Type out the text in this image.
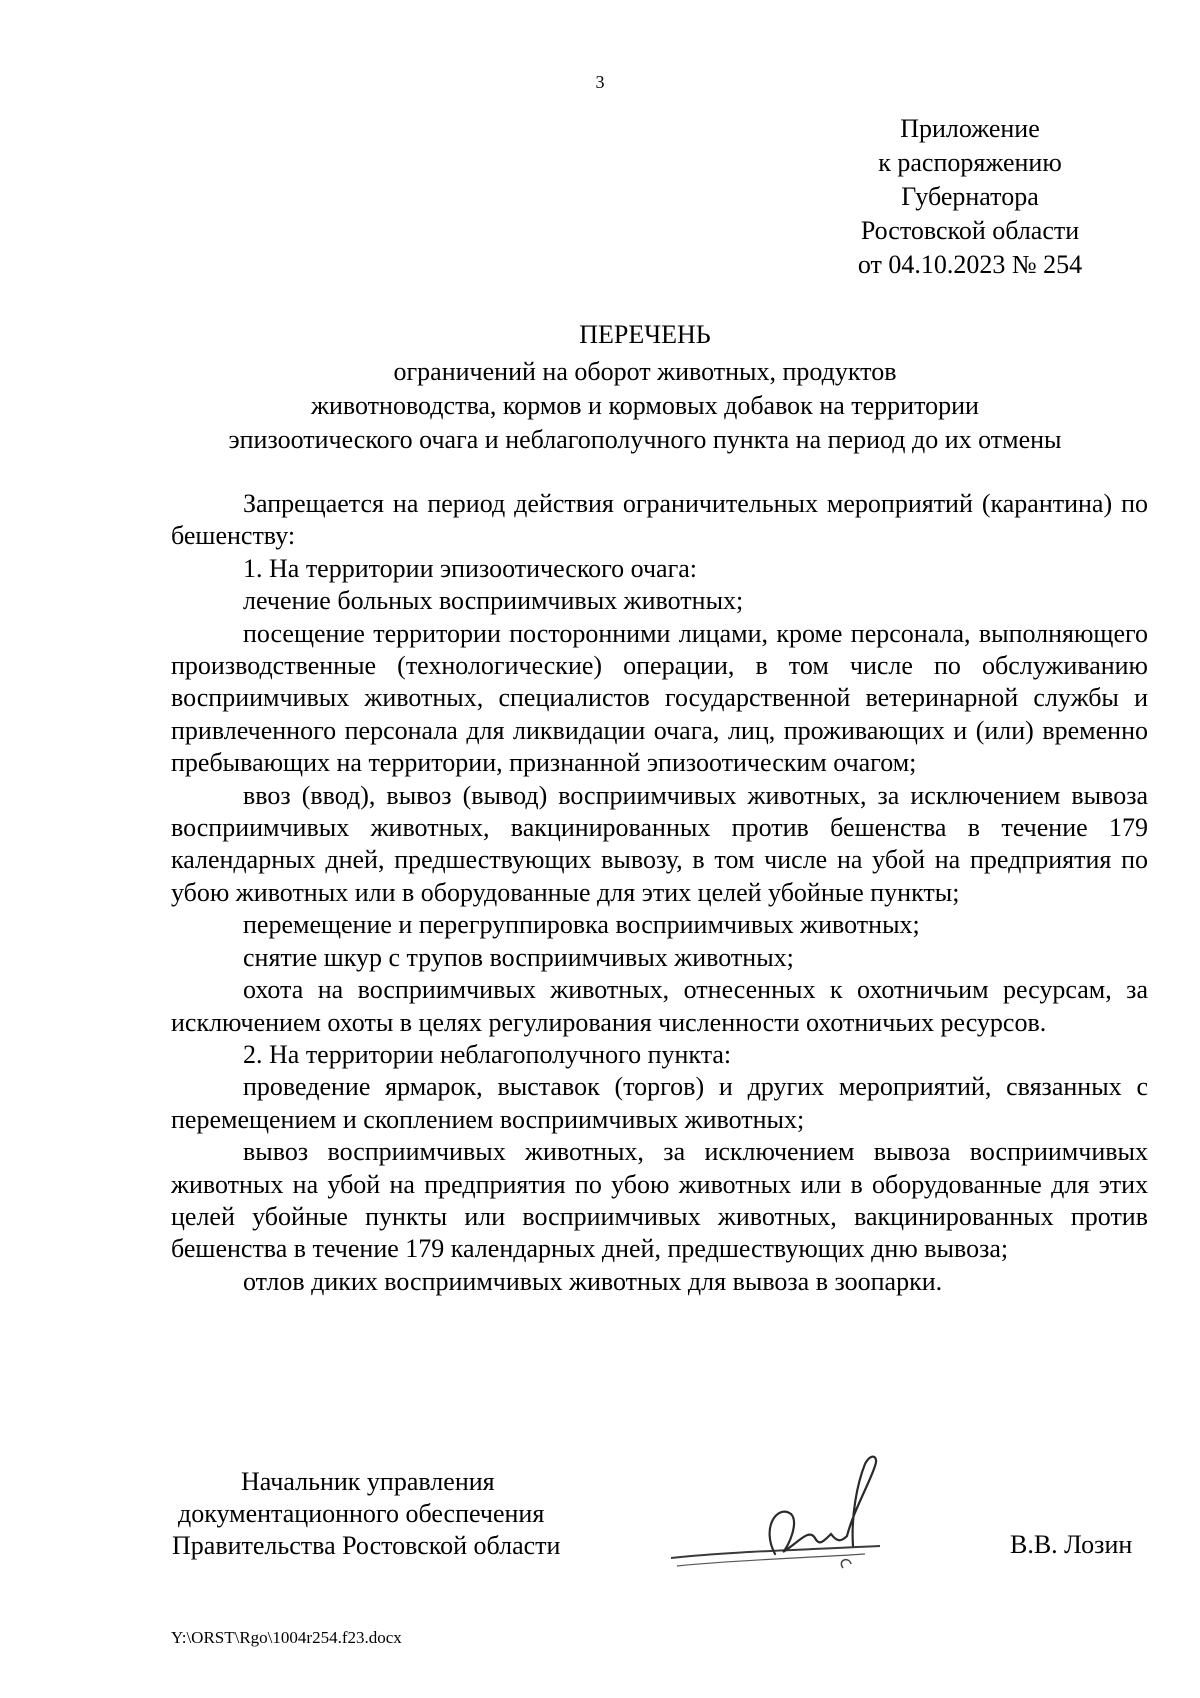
3
Приложение
к распоряжению
Губернатора
Ростовской области
от 04.10.2023 № 254
ПЕРЕЧЕНЬ
ограничений на оборот животных, продуктов
животноводства, кормов и кормовых добавок на территории
эпизоотического очага и неблагополучного пункта на период до их отмены

Запрещается на период действия ограничительных мероприятий (карантина) по бешенству:

1. На территории эпизоотического очага:

лечение больных восприимчивых животных;

посещение территории посторонними лицами, кроме персонала, выполняющего производственные (технологические) операции, в том числе по обслуживанию восприимчивых животных, специалистов государственной ветеринарной службы и привлеченного персонала для ликвидации очага, лиц, проживающих и (или) временно пребывающих на территории, признанной эпизоотическим очагом;

ввоз (ввод), вывоз (вывод) восприимчивых животных, за исключением вывоза восприимчивых животных, вакцинированных против бешенства в течение 179 календарных дней, предшествующих вывозу, в том числе на убой на предприятия по убою животных или в оборудованные для этих целей убойные пункты;

перемещение и перегруппировка восприимчивых животных;

снятие шкур с трупов восприимчивых животных;

охота на восприимчивых животных, отнесенных к охотничьим ресурсам, за исключением охоты в целях регулирования численности охотничьих ресурсов.

2. На территории неблагополучного пункта:

проведение ярмарок, выставок (торгов) и других мероприятий, связанных с перемещением и скоплением восприимчивых животных;

вывоз восприимчивых животных, за исключением вывоза восприимчивых животных на убой на предприятия по убою животных или в оборудованные для этих целей убойные пункты или восприимчивых животных, вакцинированных против бешенства в течение 179 календарных дней, предшествующих дню вывоза;

отлов диких восприимчивых животных для вывоза в зоопарки.

Начальник управления
документационного обеспечения
Правительства Ростовской области	В.В. Лозин
Y:\ORST\Rgo\1004r254.f23.docx
